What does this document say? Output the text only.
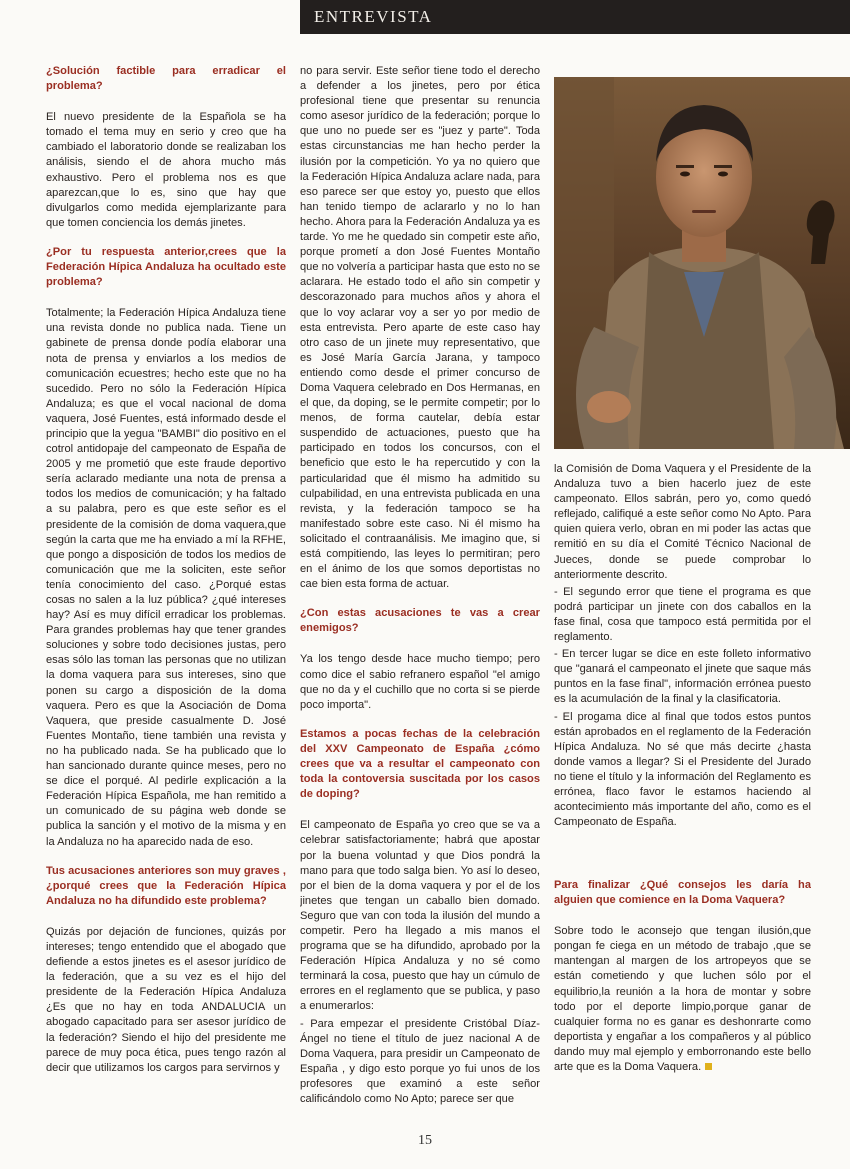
ENTREVISTA
¿Solución factible para erradicar el problema?

El nuevo presidente de la Española se ha tomado el tema muy en serio y creo que ha cambiado el laboratorio donde se realizaban los análisis, siendo el de ahora mucho más exhaustivo. Pero el problema nos es que aparezcan,que lo es, sino que hay que divulgarlos como medida ejemplarizante para que tomen conciencia los demás jinetes.

¿Por tu respuesta anterior,crees que la Federación Hípica Andaluza ha ocultado este problema?

Totalmente; la Federación Hípica Andaluza tiene una revista donde no publica nada. Tiene un gabinete de prensa donde podía elaborar una nota de prensa y enviarlos a los medios de comunicación ecuestres; hecho este que no ha sucedido. Pero no sólo la Federación Hípica Andaluza; es que el vocal nacional de doma vaquera, José Fuentes, está informado desde el principio que la yegua "BAMBI" dio positivo en el cotrol antidopaje del campeonato de España de 2005 y me prometió que este fraude deportivo sería aclarado mediante una nota de prensa a todos los medios de comunicación; y ha faltado a su palabra, pero es que este señor es el presidente de la comisión de doma vaquera,que según la carta que me ha enviado a mí la RFHE, que pongo a disposición de todos los medios de comunicación que me la soliciten, este señor tenía conocimiento del caso. ¿Porqué estas cosas no salen a la luz pública? ¿qué intereses hay? Así es muy difícil erradicar los problemas. Para grandes problemas hay que tener grandes soluciones y sobre todo decisiones justas, pero esas sólo las toman las personas que no utilizan la doma vaquera para sus intereses, sino que ponen su cargo a disposición de la doma vaquera. Pero es que la Asociación de Doma Vaquera, que preside casualmente D. José Fuentes Montaño, tiene también una revista y no ha publicado nada. Se ha publicado que lo han sancionado durante quince meses, pero no se dice el porqué. Al pedirle explicación a la Federación Hípica Española, me han remitido a un comunicado de su página web donde se publica la sanción y el motivo de la misma y en la Andaluza no ha aparecido nada de eso.

Tus acusaciones anteriores son muy graves ,¿porqué crees que la Federación Hípica Andaluza no ha difundido este problema?

Quizás por dejación de funciones, quizás por intereses; tengo entendido que el abogado que defiende a estos jinetes es el asesor jurídico de la federación, que a su vez es el hijo del presidente de la Federación Hípica Andaluza ¿Es que no hay en toda ANDALUCIA un abogado capacitado para ser asesor jurídico de la federación? Siendo el hijo del presidente me parece de muy poca ética, pues tengo razón al decir que utilizamos los cargos para servirnos y

no para servir. Este señor tiene todo el derecho a defender a los jinetes, pero por ética profesional tiene que presentar su renuncia como asesor jurídico de la federación; porque lo que uno no puede ser es "juez y parte". Toda estas circunstancias me han hecho perder la ilusión por la competición. Yo ya no quiero que la Federación Hípica Andaluza aclare nada, para eso parece ser que estoy yo, puesto que ellos han tenido tiempo de aclararlo y no lo han hecho. Ahora para la Federación Andaluza ya es tarde. Yo me he quedado sin competir este año, porque prometí a don José Fuentes Montaño que no volvería a participar hasta que esto no se aclarara. He estado todo el año sin competir y descorazonado para muchos años y ahora el que lo voy aclarar voy a ser yo por medio de esta entrevista. Pero aparte de este caso hay otro caso de un jinete muy representativo, que es José María García Jarana, y tampoco entiendo como desde el primer concurso de Doma Vaquera celebrado en Dos Hermanas, en el que, da doping, se le permite competir; por lo menos, de forma cautelar, debía estar suspendido de actuaciones, puesto que ha participado en todos los concursos, con el beneficio que esto le ha repercutido y con la particularidad que él mismo ha admitido su culpabilidad, en una entrevista publicada en una revista, y la federación tampoco se ha manifestado sobre este caso. Ni él mismo ha solicitado el contraanálisis. Me imagino que, si está compitiendo, las leyes lo permitiran; pero en el ánimo de los que somos deportistas no cae bien esta forma de actuar.

¿Con estas acusaciones te vas a crear enemigos?

Ya los tengo desde hace mucho tiempo; pero como dice el sabio refranero español "el amigo que no da y el cuchillo que no corta si se pierde poco importa".

Estamos a pocas fechas de la celebración del XXV Campeonato de España ¿cómo crees que va a resultar el campeonato con toda la contoversia suscitada por los casos de doping?

El campeonato de España yo creo que se va a celebrar satisfactoriamente; habrá que apostar por la buena voluntad y que Dios pondrá la mano para que todo salga bien. Yo así lo deseo, por el bien de la doma vaquera y por el de los jinetes que tengan un caballo bien domado. Seguro que van con toda la ilusión del mundo a competir. Pero ha llegado a mis manos el programa que se ha difundido, aprobado por la Federación Hípica Andaluza y no sé como terminará la cosa, puesto que hay un cúmulo de errores en el reglamento que se publica, y paso a enumerarlos:

- Para empezar el presidente Cristóbal Díaz-Ángel no tiene el título de juez nacional A de Doma Vaquera, para presidir un Campeonato de España , y digo esto porque yo fui unos de los profesores que examinó a este señor calificándolo como No Apto; parece ser que

la Comisión de Doma Vaquera y el Presidente de la Andaluza tuvo a bien hacerlo juez de este campeonato. Ellos sabrán, pero yo, como quedó reflejado, califiqué a este señor como No Apto. Para quien quiera verlo, obran en mi poder las actas que remitió en su día el Comité Técnico Nacional de Jueces, donde se puede comprobar lo anteriormente descrito.

- El segundo error que tiene el programa es que podrá participar un jinete con dos caballos en la fase final, cosa que tampoco está permitida por el reglamento.

- En tercer lugar se dice en este folleto informativo que "ganará el campeonato el jinete que saque más puntos en la fase final", información errónea puesto es la acumulación de la final y la clasificatoria.

- El progama dice al final que todos estos puntos están aprobados en el reglamento de la Federación Hípica Andaluza. No sé que más decirte ¿hasta donde vamos a llegar? Si el Presidente del Jurado no tiene el título y la información del Reglamento es errónea, flaco favor le estamos haciendo al acontecimiento más importante del año, como es el Campeonato de España.

Para finalizar ¿Qué consejos les daría ha alguien que comience en la Doma Vaquera?

Sobre todo le aconsejo que tengan ilusión,que pongan fe ciega en un método de trabajo ,que se mantengan al margen de los artropeyos que se están cometiendo y que luchen sólo por el equilibrio,la reunión a la hora de montar y sobre todo por el deporte limpio,porque ganar de cualquier forma no es ganar es deshonrarte como deportista y engañar a los compañeros y al público dando muy mal ejemplo y emborronando este bello arte que es la Doma Vaquera.

15
